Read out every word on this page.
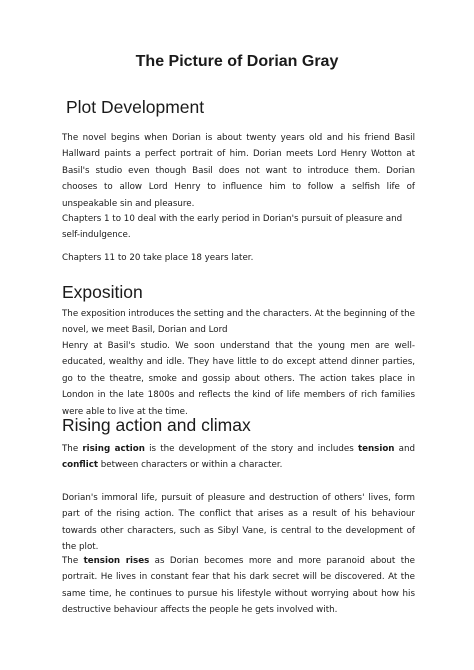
The Picture of Dorian Gray
Plot Development

The novel begins when Dorian is about twenty years old and his friend Basil Hallward paints a perfect portrait of him. Dorian meets Lord Henry Wotton at Basil's studio even though Basil does not want to introduce them. Dorian chooses to allow Lord Henry to influence him to follow a selfish life of unspeakable sin and pleasure.

Chapters 1 to 10 deal with the early period in Dorian's pursuit of pleasure and self-indulgence.

Chapters 11 to 20 take place 18 years later.

Exposition

The exposition introduces the setting and the characters. At the beginning of the novel, we meet Basil, Dorian and Lord

Henry at Basil's studio. We soon understand that the young men are well-educated, wealthy and idle. They have little to do except attend dinner parties, go to the theatre, smoke and gossip about others. The action takes place in London in the late 1800s and reflects the kind of life members of rich families were able to live at the time.

Rising action and climax

The rising action is the development of the story and includes tension and conflict between characters or within a character.

Dorian's immoral life, pursuit of pleasure and destruction of others' lives, form part of the rising action. The conflict that arises as a result of his behaviour towards other characters, such as Sibyl Vane, is central to the development of the plot.

The tension rises as Dorian becomes more and more paranoid about the portrait. He lives in constant fear that his dark secret will be discovered. At the same time, he continues to pursue his lifestyle without worrying about how his destructive behaviour affects the people he gets involved with.
